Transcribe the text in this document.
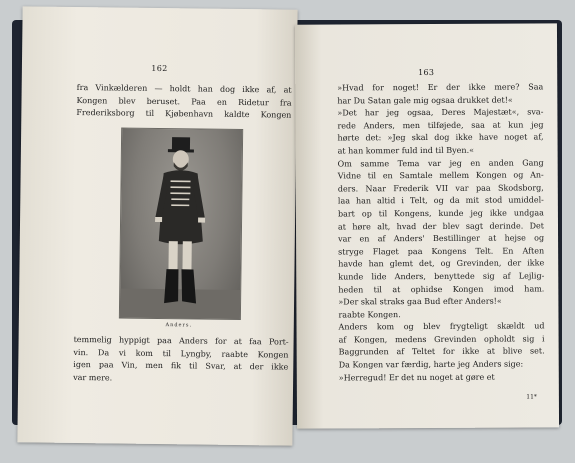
162
fra Vinkælderen — holdt han dog ikke af, at
Kongen blev beruset. Paa en Ridetur fra
Frederiksborg til Kjøbenhavn kaldte Kongen
Anders.
temmelig hyppigt paa Anders for at faa Port-
vin. Da vi kom til Lyngby, raabte Kongen
igen paa Vin, men fik til Svar, at der ikke
var mere.
163
»Hvad for noget! Er der ikke mere? Saa
har Du Satan gale mig ogsaa drukket det!«
»Det har jeg ogsaa, Deres Majestæt«, sva-
rede Anders, men tilføjede, saa at kun jeg
hørte det: »Jeg skal dog ikke have noget af,
at han kommer fuld ind til Byen.«
Om samme Tema var jeg en anden Gang
Vidne til en Samtale mellem Kongen og An-
ders. Naar Frederik VII var paa Skodsborg,
laa han altid i Telt, og da mit stod umiddel-
bart op til Kongens, kunde jeg ikke undgaa
at høre alt, hvad der blev sagt derinde. Det
var en af Anders' Bestillinger at hejse og
stryge Flaget paa Kongens Telt. En Aften
havde han glemt det, og Grevinden, der ikke
kunde lide Anders, benyttede sig af Lejlig-
heden til at ophidse Kongen imod ham.
»Der skal straks gaa Bud efter Anders!«
raabte Kongen.
Anders kom og blev frygteligt skældt ud
af Kongen, medens Grevinden opholdt sig i
Baggrunden af Teltet for ikke at blive set.
Da Kongen var færdig, harte jeg Anders sige:
»Herregud! Er det nu noget at gøre et
11*
